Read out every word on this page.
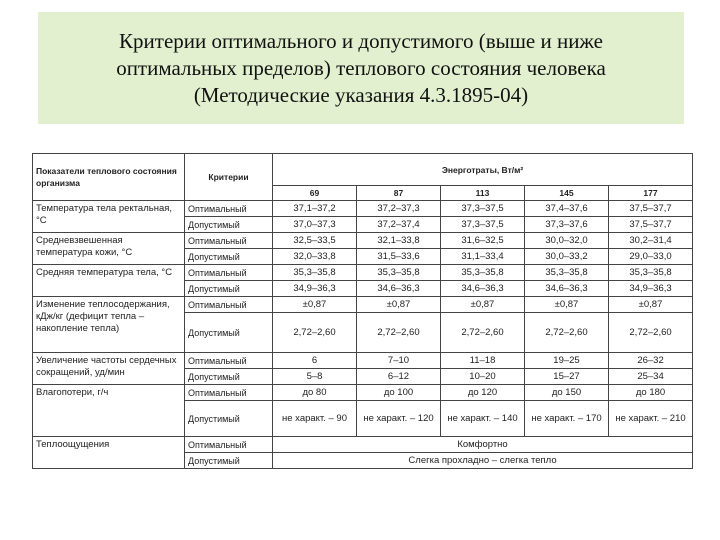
Критерии оптимального и допустимого (выше и ниже
оптимальных пределов) теплового состояния человека
(Методические указания 4.3.1895-04)
Показатели теплового состояния организма	Критерии	Энерготраты, Вт/м²				
		69	87	113	145	177
Температура тела ректальная, °C	Оптимальный	37,1–37,2	37,2–37,3	37,3–37,5	37,4–37,6	37,5–37,7
	Допустимый	37,0–37,3	37,2–37,4	37,3–37,5	37,3–37,6	37,5–37,7
Средневзвешенная температура кожи, °C	Оптимальный	32,5–33,5	32,1–33,8	31,6–32,5	30,0–32,0	30,2–31,4
	Допустимый	32,0–33,8	31,5–33,6	31,1–33,4	30,0–33,2	29,0–33,0
Средняя температура тела, °C	Оптимальный	35,3–35,8	35,3–35,8	35,3–35,8	35,3–35,8	35,3–35,8
	Допустимый	34,9–36,3	34,6–36,3	34,6–36,3	34,6–36,3	34,9–36,3
Изменение теплосодержания, кДж/кг (дефицит тепла – накопление тепла)	Оптимальный	±0,87	±0,87	±0,87	±0,87	±0,87
	Допустимый	2,72–2,60	2,72–2,60	2,72–2,60	2,72–2,60	2,72–2,60
Увеличение частоты сердечных сокращений, уд/мин	Оптимальный	6	7–10	11–18	19–25	26–32
	Допустимый	5–8	6–12	10–20	15–27	25–34
Влагопотери, г/ч	Оптимальный	до 80	до 100	до 120	до 150	до 180
	Допустимый	не характ. – 90	не характ. – 120	не характ. – 140	не характ. – 170	не характ. – 210
Теплоощущения	Оптимальный	Комфортно				
	Допустимый	Слегка прохладно – слегка тепло				
